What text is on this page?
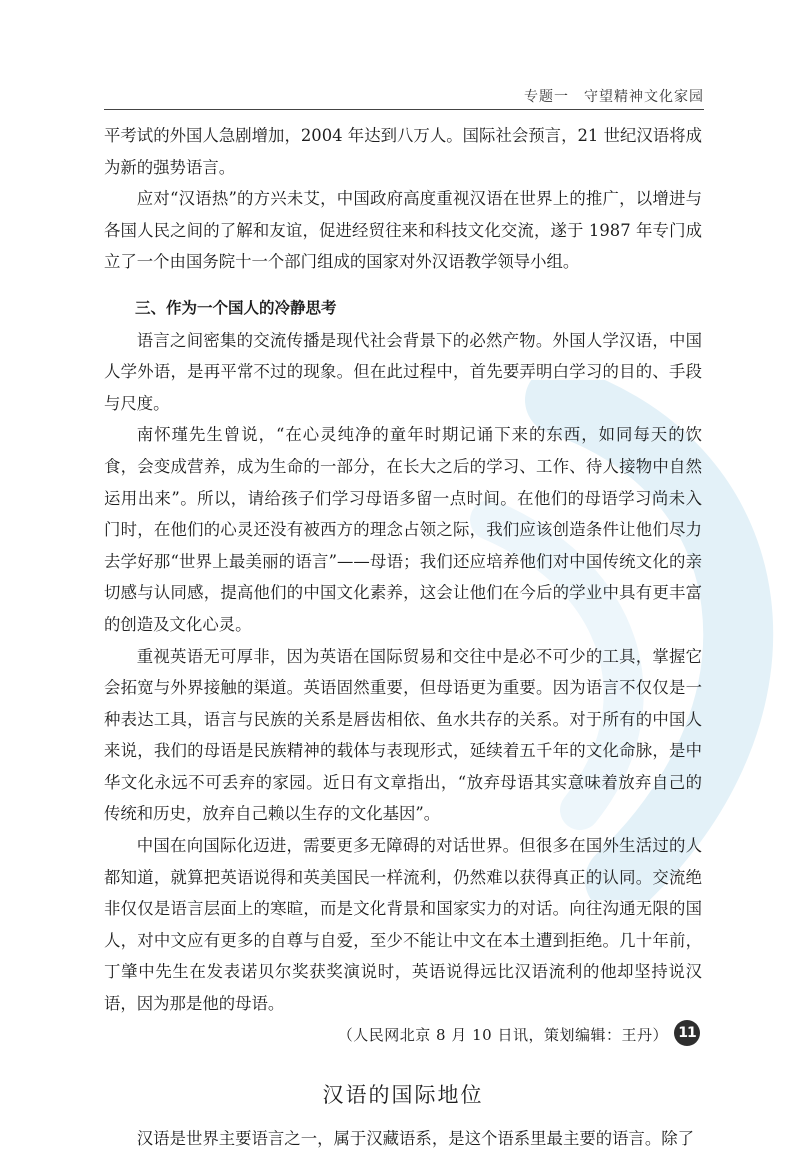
专题一　守望精神文化家园

平考试的外国人急剧增加，2004 年达到八万人。国际社会预言，21 世纪汉语将成为新的强势语言。

应对“汉语热”的方兴未艾，中国政府高度重视汉语在世界上的推广，以增进与各国人民之间的了解和友谊，促进经贸往来和科技文化交流，遂于 1987 年专门成立了一个由国务院十一个部门组成的国家对外汉语教学领导小组。

三、作为一个国人的冷静思考

语言之间密集的交流传播是现代社会背景下的必然产物。外国人学汉语，中国人学外语，是再平常不过的现象。但在此过程中，首先要弄明白学习的目的、手段与尺度。

南怀瑾先生曾说，“在心灵纯净的童年时期记诵下来的东西，如同每天的饮食，会变成营养，成为生命的一部分，在长大之后的学习、工作、待人接物中自然运用出来”。所以，请给孩子们学习母语多留一点时间。在他们的母语学习尚未入门时，在他们的心灵还没有被西方的理念占领之际，我们应该创造条件让他们尽力去学好那“世界上最美丽的语言”——母语；我们还应培养他们对中国传统文化的亲切感与认同感，提高他们的中国文化素养，这会让他们在今后的学业中具有更丰富的创造及文化心灵。

重视英语无可厚非，因为英语在国际贸易和交往中是必不可少的工具，掌握它会拓宽与外界接触的渠道。英语固然重要，但母语更为重要。因为语言不仅仅是一种表达工具，语言与民族的关系是唇齿相依、鱼水共存的关系。对于所有的中国人来说，我们的母语是民族精神的载体与表现形式，延续着五千年的文化命脉，是中华文化永远不可丢弃的家园。近日有文章指出，“放弃母语其实意味着放弃自己的传统和历史，放弃自己赖以生存的文化基因”。

中国在向国际化迈进，需要更多无障碍的对话世界。但很多在国外生活过的人都知道，就算把英语说得和英美国民一样流利，仍然难以获得真正的认同。交流绝非仅仅是语言层面上的寒暄，而是文化背景和国家实力的对话。向往沟通无限的国人，对中文应有更多的自尊与自爱，至少不能让中文在本土遭到拒绝。几十年前，丁肇中先生在发表诺贝尔奖获奖演说时，英语说得远比汉语流利的他却坚持说汉语，因为那是他的母语。

（人民网北京 8 月 10 日讯，策划编辑：王丹）

汉语的国际地位

汉语是世界主要语言之一，属于汉藏语系，是这个语系里最主要的语言。除了

11
